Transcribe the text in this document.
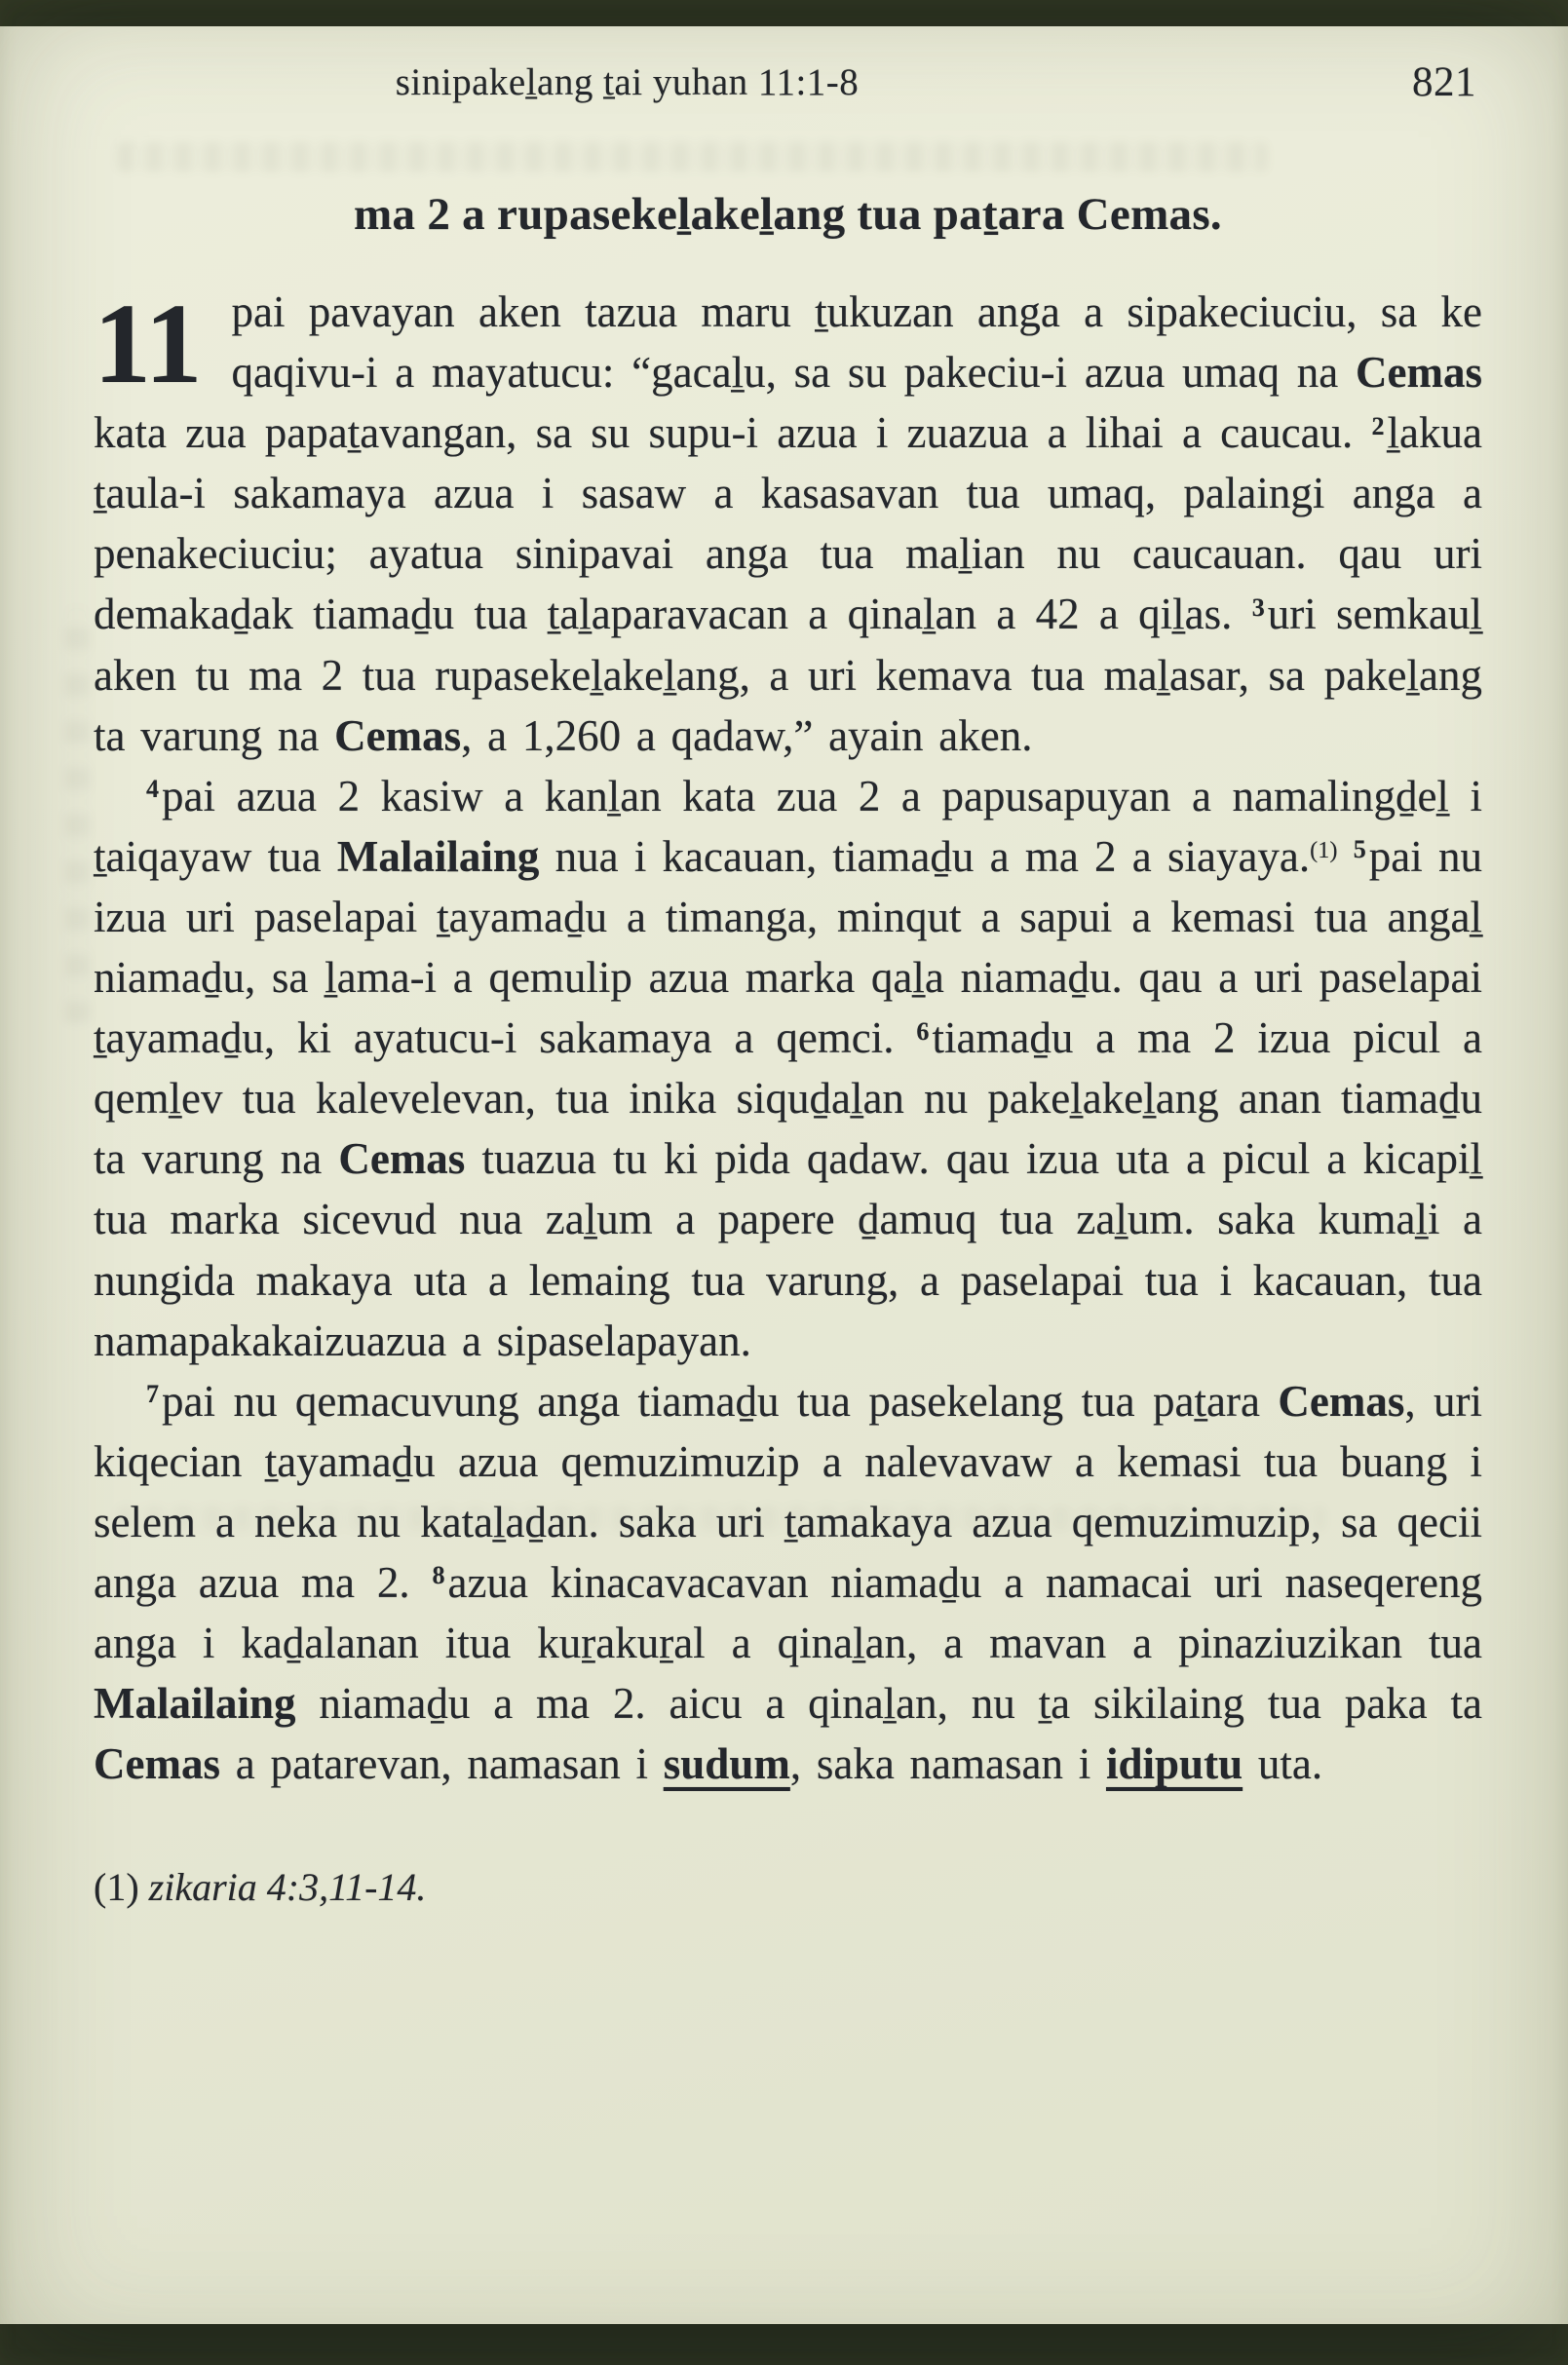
sinipakeḻang ṯai yuhan 11:1-8	821
ma 2 a rupasekeḻakeḻang tua paṯara Cemas.

11 pai pavayan aken tazua maru ṯukuzan anga a sipakeciuciu, sa ke qaqivu-i a mayatucu: “gacaḻu, sa su pakeciu-i azua umaq na Cemas kata zua papaṯavangan, sa su supu-i azua i zuazua a lihai a caucau. $^2$ḻakua ṯaula-i sakamaya azua i sasaw a kasasavan tua umaq, palaingi anga a penakeciuciu; ayatua sinipavai anga tua maḻian nu caucauan. qau uri demakaḏak tiamaḏu tua ṯaḻaparavacan a qinaḻan a 42 a qiḻas. $^3$uri semkauḻ aken tu ma 2 tua rupasekeḻakeḻang, a uri kemava tua maḻasar, sa pakeḻang ta varung na Cemas, a 1,260 a qadaw,” ayain aken.

$^4$pai azua 2 kasiw a kanḻan kata zua 2 a papusapuyan a namalingḏeḻ i ṯaiqayaw tua Malailaing nua i kacauan, tiamaḏu a ma 2 a siayaya.$^{(1)}$ $^5$pai nu izua uri paselapai ṯayamaḏu a timanga, minqut a sapui a kemasi tua angaḻ niamaḏu, sa ḻama-i a qemulip azua marka qaḻa niamaḏu. qau a uri paselapai ṯayamaḏu, ki ayatucu-i sakamaya a qemci. $^6$tiamaḏu a ma 2 izua picul a qemḻev tua kalevelevan, tua inika siquḏaḻan nu pakeḻakeḻang anan tiamaḏu ta varung na Cemas tuazua tu ki pida qadaw. qau izua uta a picul a kicapiḻ tua marka sicevud nua zaḻum a papere ḏamuq tua zaḻum. saka kumaḻi a nungida makaya uta a lemaing tua varung, a paselapai tua i kacauan, tua namapakakaizuazua a sipaselapayan.

$^7$pai nu qemacuvung anga tiamaḏu tua pasekelang tua paṯara Cemas, uri kiqecian ṯayamaḏu azua qemuzimuzip a nalevavaw a kemasi tua buang i selem a neka nu kataḻaḏan. saka uri ṯamakaya azua qemuzimuzip, sa qecii anga azua ma 2. $^8$azua kinacavacavan niamaḏu a namacai uri naseqereng anga i kaḏalanan itua kuṟakuṟal a qinaḻan, a mavan a pinaziuzikan tua Malailaing niamaḏu a ma 2. aicu a qinaḻan, nu ṯa sikilaing tua paka ta Cemas a patarevan, namasan i sudum, saka namasan i idiputu uta.

(1) zikaria 4:3,11-14.
